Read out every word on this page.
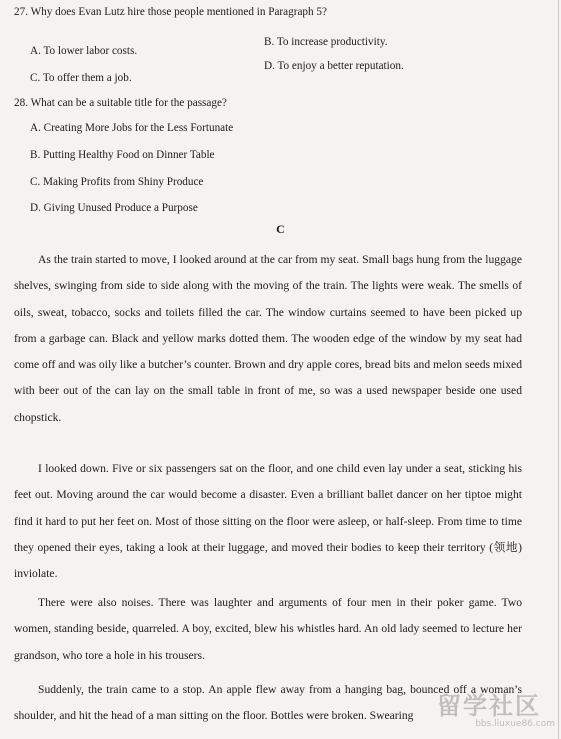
27. Why does Evan Lutz hire those people mentioned in Paragraph 5?
A. To lower labor costs.
B. To increase productivity.
C. To offer them a job.
D. To enjoy a better reputation.
28. What can be a suitable title for the passage?
A. Creating More Jobs for the Less Fortunate
B. Putting Healthy Food on Dinner Table
C. Making Profits from Shiny Produce
D. Giving Unused Produce a Purpose
C

As the train started to move, I looked around at the car from my seat. Small bags hung from the luggage shelves, swinging from side to side along with the moving of the train. The lights were weak. The smells of oils, sweat, tobacco, socks and toilets filled the car. The window curtains seemed to have been picked up from a garbage can. Black and yellow marks dotted them. The wooden edge of the window by my seat had come off and was oily like a butcher’s counter. Brown and dry apple cores, bread bits and melon seeds mixed with beer out of the can lay on the small table in front of me, so was a used newspaper beside one used chopstick.

I looked down. Five or six passengers sat on the floor, and one child even lay under a seat, sticking his feet out. Moving around the car would become a disaster. Even a brilliant ballet dancer on her tiptoe might find it hard to put her feet on. Most of those sitting on the floor were asleep, or half-sleep. From time to time they opened their eyes, taking a look at their luggage, and moved their bodies to keep their territory (领地) inviolate.

There were also noises. There was laughter and arguments of four men in their poker game. Two women, standing beside, quarreled. A boy, excited, blew his whistles hard. An old lady seemed to lecture her grandson, who tore a hole in his trousers.

Suddenly, the train came to a stop. An apple flew away from a hanging bag, bounced off a woman’s shoulder, and hit the head of a man sitting on the floor. Bottles were broken. Swearing 留学社区
bbs.liuxue86.com
